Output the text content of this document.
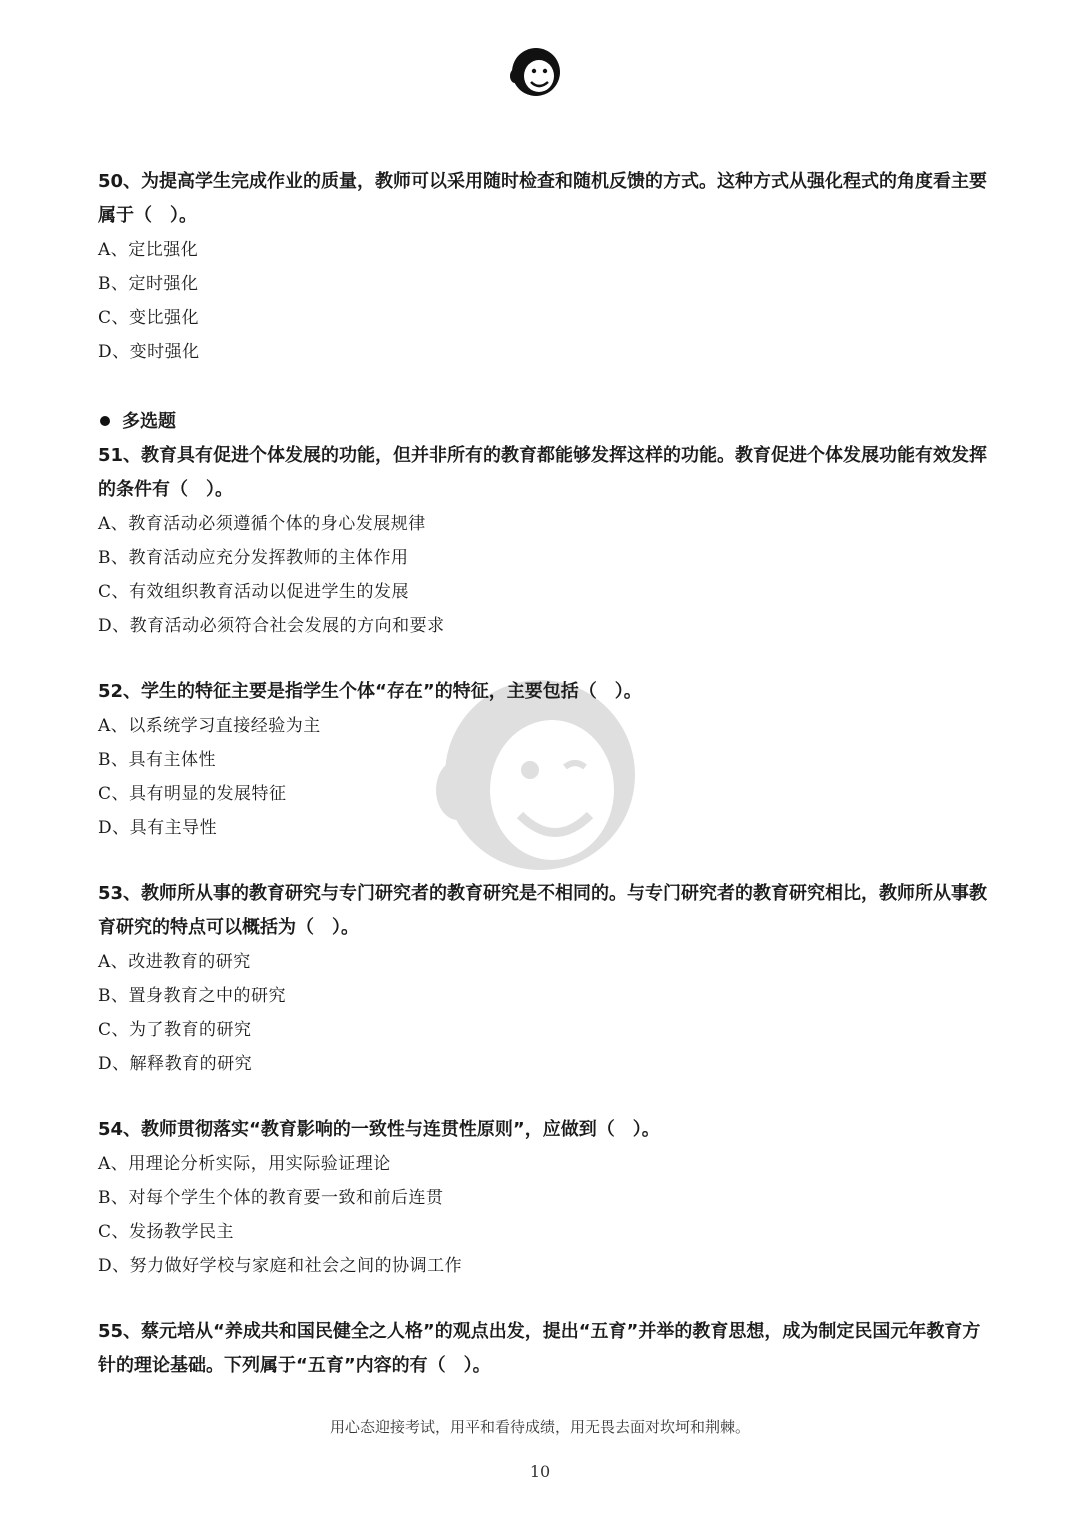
50、为提高学生完成作业的质量，教师可以采用随时检查和随机反馈的方式。这种方式从强化程式的角度看主要属于（　）。

A、定比强化

B、定时强化

C、变比强化

D、变时强化

多选题

51、教育具有促进个体发展的功能，但并非所有的教育都能够发挥这样的功能。教育促进个体发展功能有效发挥的条件有（　）。

A、教育活动必须遵循个体的身心发展规律

B、教育活动应充分发挥教师的主体作用

C、有效组织教育活动以促进学生的发展

D、教育活动必须符合社会发展的方向和要求

52、学生的特征主要是指学生个体“存在”的特征，主要包括（　）。

A、以系统学习直接经验为主

B、具有主体性

C、具有明显的发展特征

D、具有主导性

53、教师所从事的教育研究与专门研究者的教育研究是不相同的。与专门研究者的教育研究相比，教师所从事教育研究的特点可以概括为（　）。

A、改进教育的研究

B、置身教育之中的研究

C、为了教育的研究

D、解释教育的研究

54、教师贯彻落实“教育影响的一致性与连贯性原则”，应做到（　）。

A、用理论分析实际，用实际验证理论

B、对每个学生个体的教育要一致和前后连贯

C、发扬教学民主

D、努力做好学校与家庭和社会之间的协调工作

55、蔡元培从“养成共和国民健全之人格”的观点出发，提出“五育”并举的教育思想，成为制定民国元年教育方针的理论基础。下列属于“五育”内容的有（　）。

用心态迎接考试，用平和看待成绩，用无畏去面对坎坷和荆棘。
10
